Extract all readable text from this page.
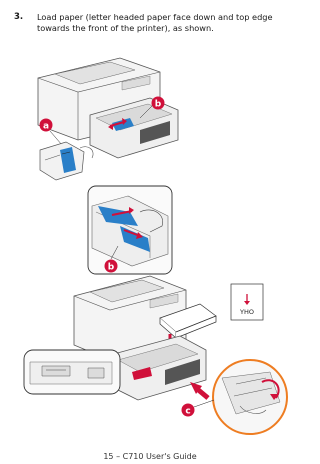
3. Load paper (letter headed paper face down and top edge towards the front of the printer), as shown.
b
a
b
YHO
c
15 – C710 User's Guide
